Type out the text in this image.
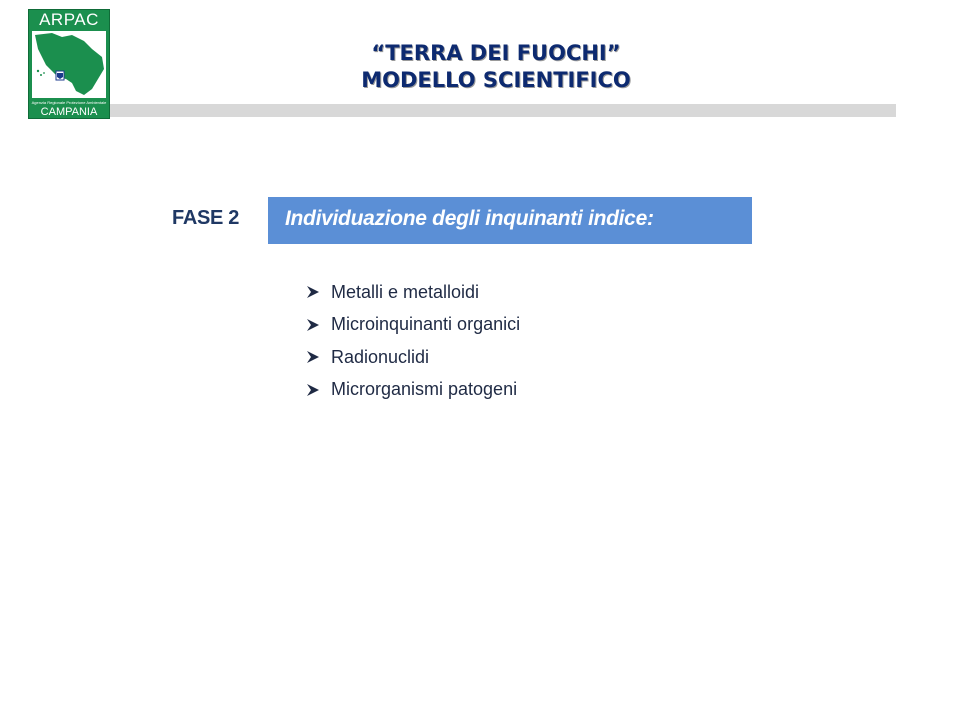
ARPAC
Agenzia Regionale Protezione Ambientale
CAMPANIA
“TERRA DEI FUOCHI”
MODELLO SCIENTIFICO
FASE 2 Individuazione degli inquinanti indice:
Metalli e metalloidi
Microinquinanti organici
Radionuclidi
Microrganismi patogeni
